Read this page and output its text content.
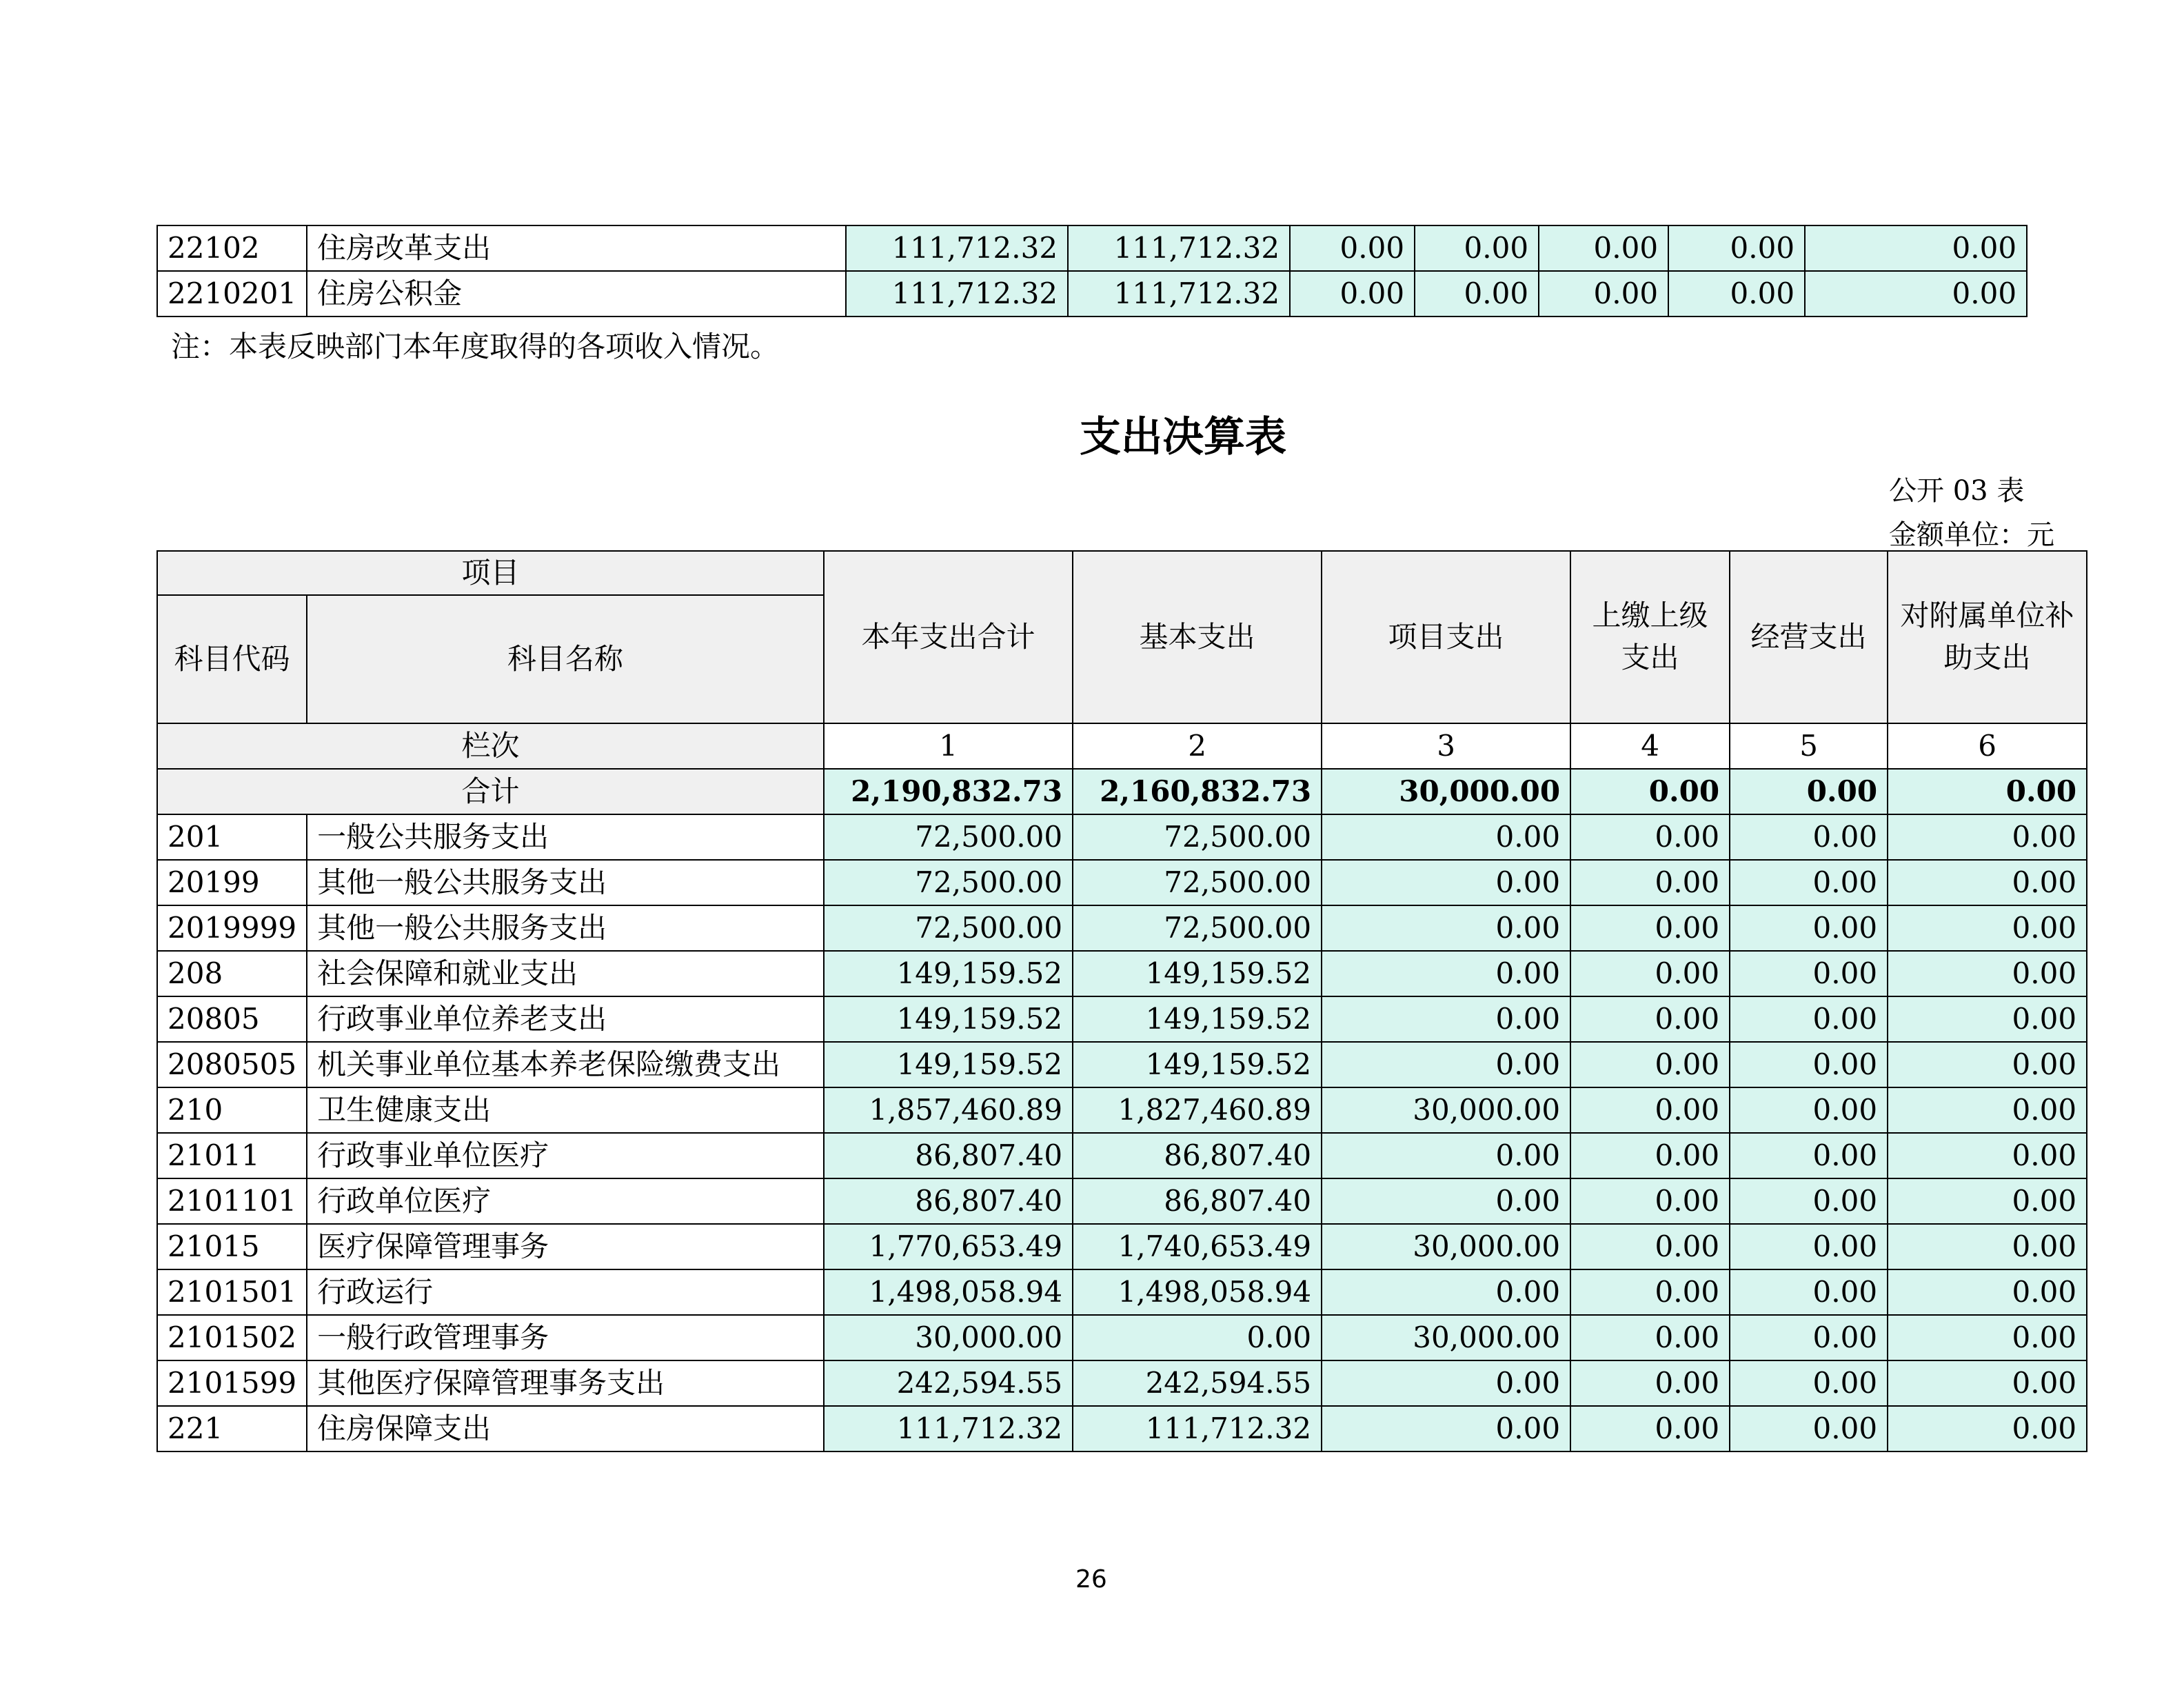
22102	住房改革支出	111,712.32	111,712.32	0.00	0.00	0.00	0.00	0.00
2210201	住房公积金	111,712.32	111,712.32	0.00	0.00	0.00	0.00	0.00
注：本表反映部门本年度取得的各项收入情况。
支出决算表
公开 03 表
金额单位：元
项目		本年支出合计	基本支出	项目支出	上缴上级支出	经营支出	对附属单位补助支出
科目代码	科目名称						
栏次		1	2	3	4	5	6
合计		2,190,832.73	2,160,832.73	30,000.00	0.00	0.00	0.00
201	一般公共服务支出	72,500.00	72,500.00	0.00	0.00	0.00	0.00
20199	其他一般公共服务支出	72,500.00	72,500.00	0.00	0.00	0.00	0.00
2019999	其他一般公共服务支出	72,500.00	72,500.00	0.00	0.00	0.00	0.00
208	社会保障和就业支出	149,159.52	149,159.52	0.00	0.00	0.00	0.00
20805	行政事业单位养老支出	149,159.52	149,159.52	0.00	0.00	0.00	0.00
2080505	机关事业单位基本养老保险缴费支出	149,159.52	149,159.52	0.00	0.00	0.00	0.00
210	卫生健康支出	1,857,460.89	1,827,460.89	30,000.00	0.00	0.00	0.00
21011	行政事业单位医疗	86,807.40	86,807.40	0.00	0.00	0.00	0.00
2101101	行政单位医疗	86,807.40	86,807.40	0.00	0.00	0.00	0.00
21015	医疗保障管理事务	1,770,653.49	1,740,653.49	30,000.00	0.00	0.00	0.00
2101501	行政运行	1,498,058.94	1,498,058.94	0.00	0.00	0.00	0.00
2101502	一般行政管理事务	30,000.00	0.00	30,000.00	0.00	0.00	0.00
2101599	其他医疗保障管理事务支出	242,594.55	242,594.55	0.00	0.00	0.00	0.00
221	住房保障支出	111,712.32	111,712.32	0.00	0.00	0.00	0.00
26
